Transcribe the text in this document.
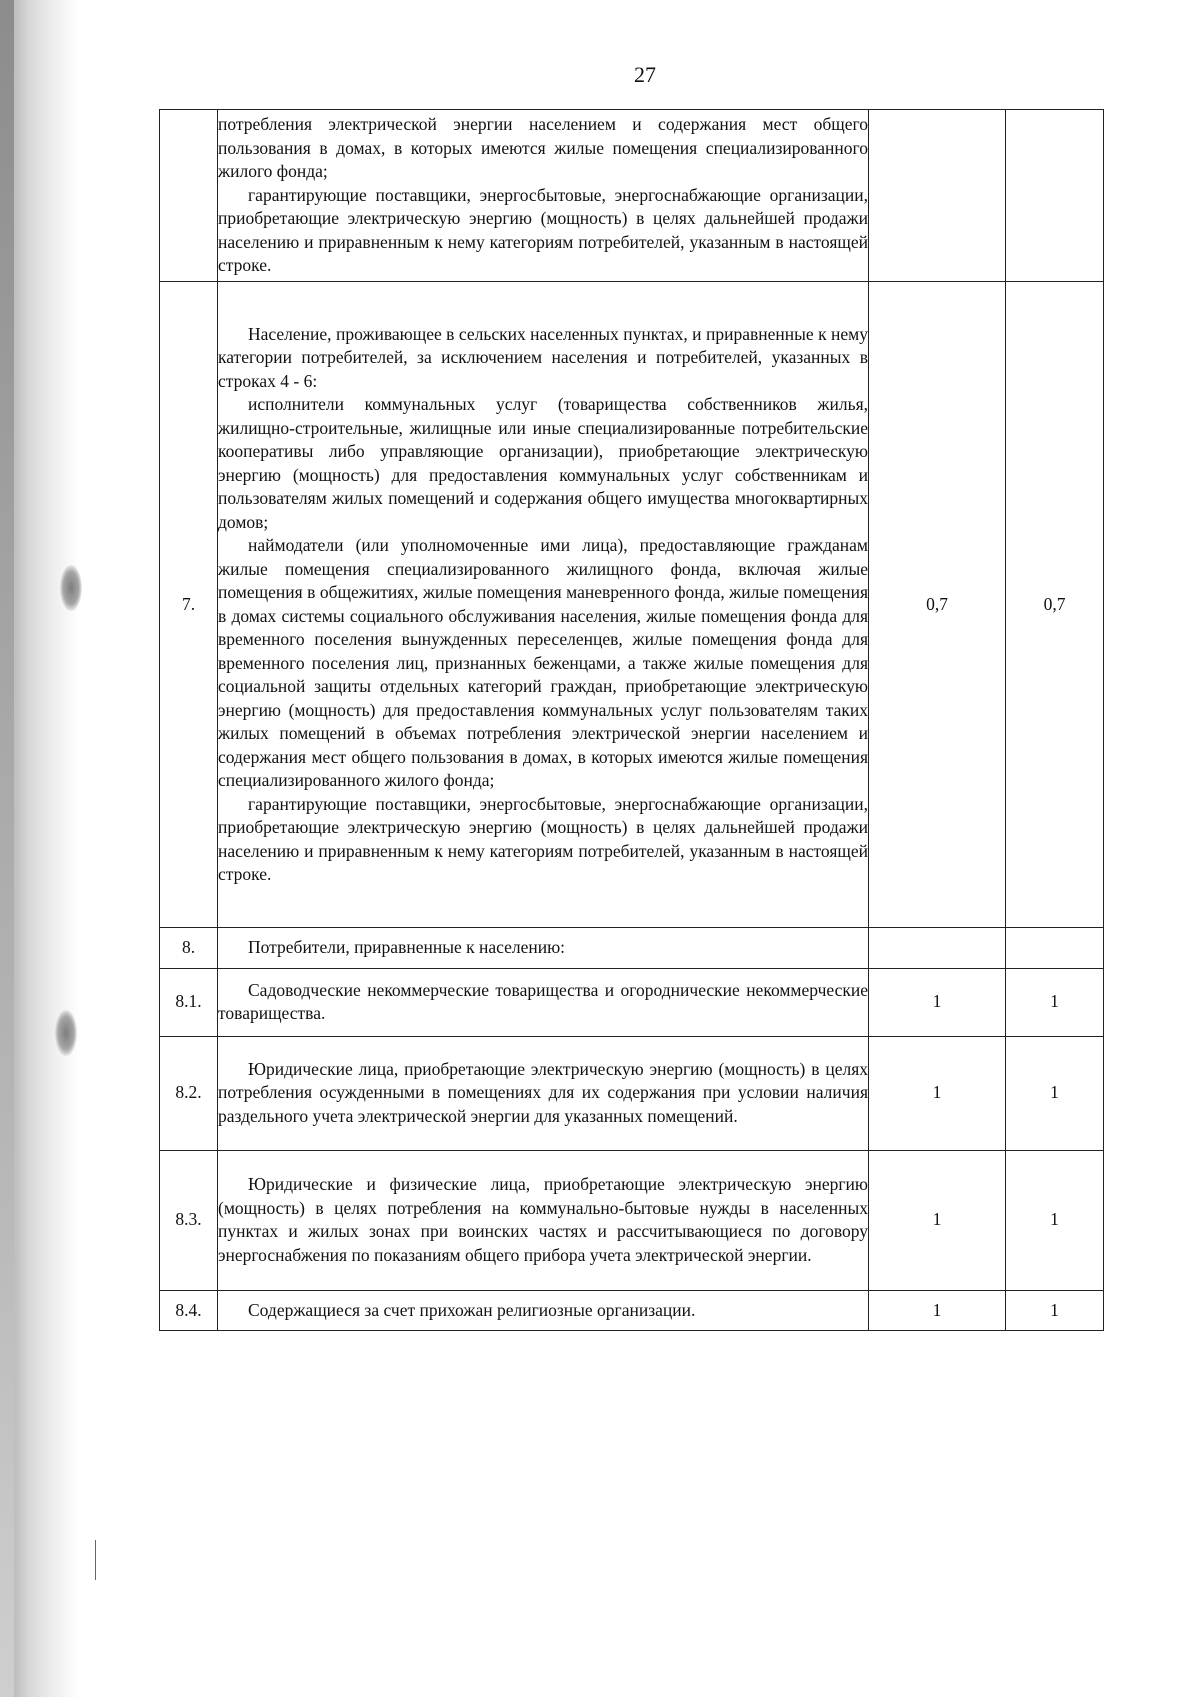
27

	потребления электрической энергии населением и содержания мест общего пользования в домах, в которых имеются жилые помещения специализированного жилого фонда;

гарантирующие поставщики, энергосбытовые, энергоснабжающие организации, приобретающие электрическую энергию (мощность) в целях дальнейшей продажи населению и приравненным к нему категориям потребителей, указанным в настоящей строке.		

7.	Население, проживающее в сельских населенных пунктах, и приравненные к нему категории потребителей, за исключением населения и потребителей, указанных в строках 4 - 6:

исполнители коммунальных услуг (товарищества собственников жилья, жилищно-строительные, жилищные или иные специализированные потребительские кооперативы либо управляющие организации), приобретающие электрическую энергию (мощность) для предоставления коммунальных услуг собственникам и пользователям жилых помещений и содержания общего имущества многоквартирных домов;

наймодатели (или уполномоченные ими лица), предоставляющие гражданам жилые помещения специализированного жилищного фонда, включая жилые помещения в общежитиях, жилые помещения маневренного фонда, жилые помещения в домах системы социального обслуживания населения, жилые помещения фонда для временного поселения вынужденных переселенцев, жилые помещения фонда для временного поселения лиц, признанных беженцами, а также жилые помещения для социальной защиты отдельных категорий граждан, приобретающие электрическую энергию (мощность) для предоставления коммунальных услуг пользователям таких жилых помещений в объемах потребления электрической энергии населением и содержания мест общего пользования в домах, в которых имеются жилые помещения специализированного жилого фонда;

гарантирующие поставщики, энергосбытовые, энергоснабжающие организации, приобретающие электрическую энергию (мощность) в целях дальнейшей продажи населению и приравненным к нему категориям потребителей, указанным в настоящей строке.	0,7	0,7
8.	Потребители, приравненные к населению:		

8.1.	Садоводческие некоммерческие товарищества и огороднические некоммерческие товарищества.	1	1
8.2.	Юридические лица, приобретающие электрическую энергию (мощность) в целях потребления осужденными в помещениях для их содержания при условии наличия раздельного учета электрической энергии для указанных помещений.	1	1
8.3.	Юридические и физические лица, приобретающие электрическую энергию (мощность) в целях потребления на коммунально-бытовые нужды в населенных пунктах и жилых зонах при воинских частях и рассчитывающиеся по договору энергоснабжения по показаниям общего прибора учета электрической энергии.	1	1
8.4.	Содержащиеся за счет прихожан религиозные организации.	1	1
